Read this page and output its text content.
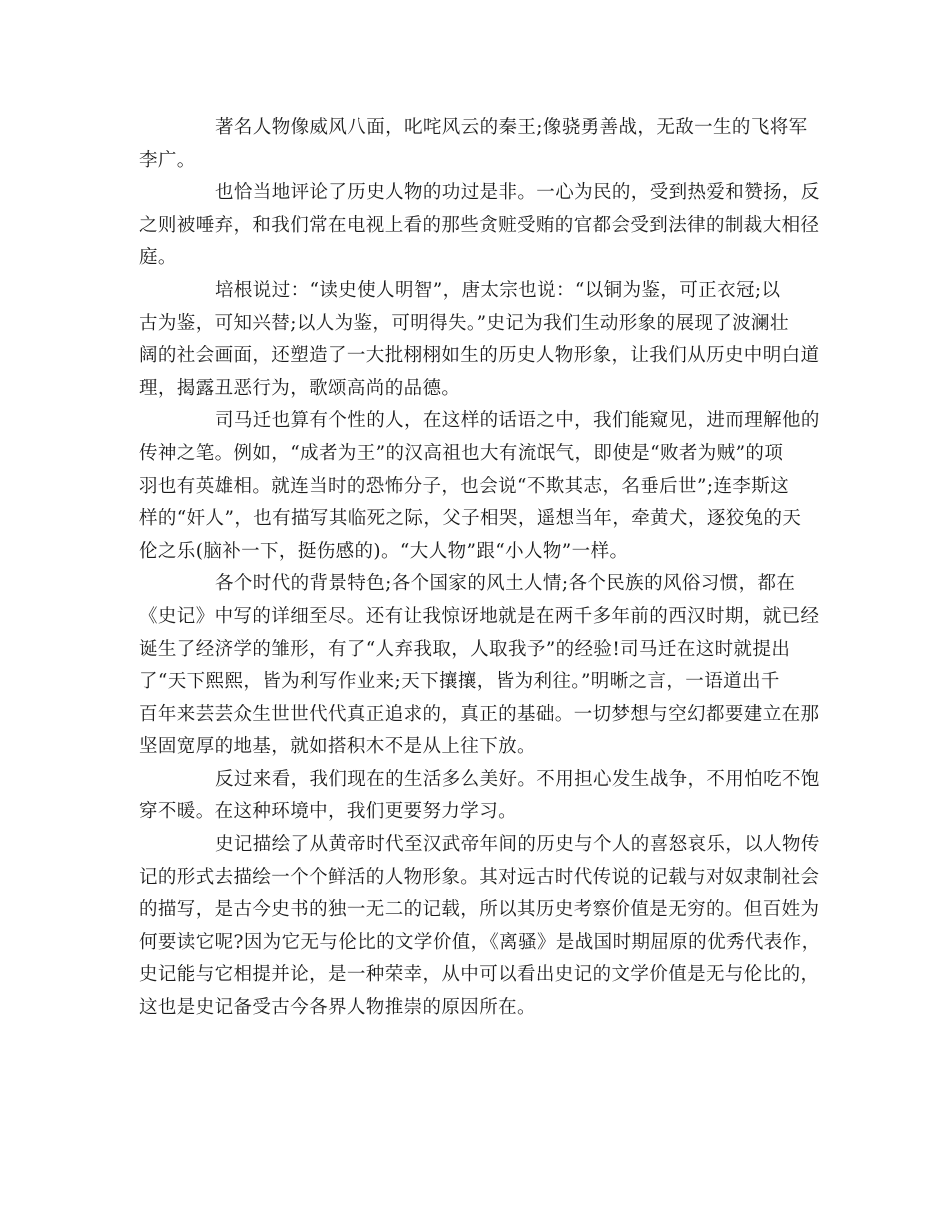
著名人物像威风八面，叱咤风云的秦王;像骁勇善战，无敌一生的飞将军
李广。
也恰当地评论了历史人物的功过是非。一心为民的，受到热爱和赞扬，反
之则被唾弃，和我们常在电视上看的那些贪赃受贿的官都会受到法律的制裁大相径
庭。
培根说过：“读史使人明智”，唐太宗也说：“以铜为鉴，可正衣冠;以
古为鉴，可知兴替;以人为鉴，可明得失。”史记为我们生动形象的展现了波澜壮
阔的社会画面，还塑造了一大批栩栩如生的历史人物形象，让我们从历史中明白道
理，揭露丑恶行为，歌颂高尚的品德。
司马迁也算有个性的人，在这样的话语之中，我们能窥见，进而理解他的
传神之笔。例如，“成者为王”的汉高祖也大有流氓气，即使是“败者为贼”的项
羽也有英雄相。就连当时的恐怖分子，也会说“不欺其志，名垂后世”;连李斯这
样的“奸人”，也有描写其临死之际，父子相哭，遥想当年，牵黄犬，逐狡兔的天
伦之乐(脑补一下，挺伤感的)。“大人物”跟“小人物”一样。
各个时代的背景特色;各个国家的风土人情;各个民族的风俗习惯，都在
《史记》中写的详细至尽。还有让我惊讶地就是在两千多年前的西汉时期，就已经
诞生了经济学的雏形，有了“人弃我取，人取我予”的经验!司马迁在这时就提出
了“天下熙熙，皆为利写作业来;天下攘攘，皆为利往。”明晰之言，一语道出千
百年来芸芸众生世世代代真正追求的，真正的基础。一切梦想与空幻都要建立在那
坚固宽厚的地基，就如搭积木不是从上往下放。
反过来看，我们现在的生活多么美好。不用担心发生战争，不用怕吃不饱
穿不暖。在这种环境中，我们更要努力学习。
史记描绘了从黄帝时代至汉武帝年间的历史与个人的喜怒哀乐，以人物传
记的形式去描绘一个个鲜活的人物形象。其对远古时代传说的记载与对奴隶制社会
的描写，是古今史书的独一无二的记载，所以其历史考察价值是无穷的。但百姓为
何要读它呢?因为它无与伦比的文学价值，《离骚》是战国时期屈原的优秀代表作，
史记能与它相提并论，是一种荣幸，从中可以看出史记的文学价值是无与伦比的，
这也是史记备受古今各界人物推崇的原因所在。
